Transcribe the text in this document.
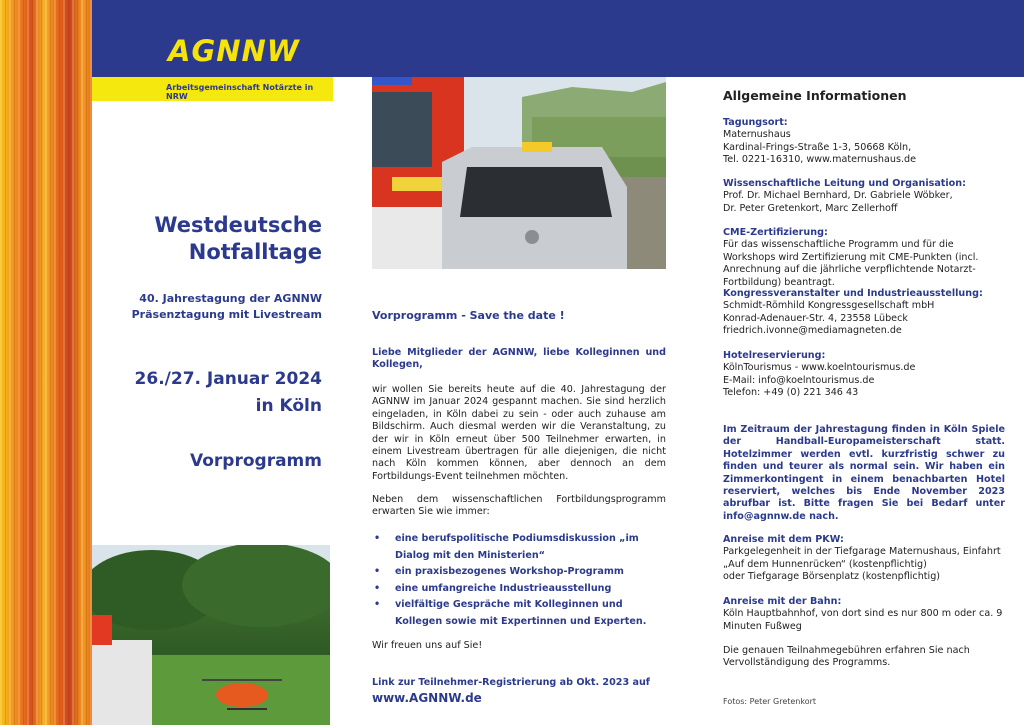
AGNNW
Arbeitsgemeinschaft Notärzte in NRW
Westdeutsche
Notfalltage
40. Jahrestagung der AGNNW
Präsenztagung mit Livestream
26./27. Januar 2024
in Köln
Vorprogramm
Vorprogramm - Save the date !
Liebe Mitglieder der AGNNW, liebe Kolleginnen und Kollegen,
wir wollen Sie bereits heute auf die 40. Jahrestagung der AGNNW im Januar 2024 gespannt machen. Sie sind herzlich eingeladen, in Köln dabei zu sein - oder auch zuhause am Bildschirm. Auch diesmal werden wir die Veranstaltung, zu der wir in Köln erneut über 500 Teilnehmer erwarten, in einem Livestream übertragen für alle diejenigen, die nicht nach Köln kommen können, aber dennoch an dem Fortbildungs-Event teilnehmen möchten.
Neben dem wissenschaftlichen Fortbildungsprogramm erwarten Sie wie immer:
• eine berufspolitische Podiumsdiskussion „im Dialog mit den Ministerien“
• ein praxisbezogenes Workshop-Programm
• eine umfangreiche Industrieausstellung
• vielfältige Gespräche mit Kolleginnen und Kollegen sowie mit Expertinnen und Experten.
Wir freuen uns auf Sie!
Link zur Teilnehmer-Registrierung ab Okt. 2023 auf
www.AGNNW.de
Allgemeine Informationen
Tagungsort:
Maternushaus
Kardinal-Frings-Straße 1-3, 50668 Köln,
Tel. 0221-16310, www.maternushaus.de
Wissenschaftliche Leitung und Organisation:
Prof. Dr. Michael Bernhard, Dr. Gabriele Wöbker,
Dr. Peter Gretenkort, Marc Zellerhoff
CME-Zertifizierung:
Für das wissenschaftliche Programm und für die Workshops wird Zertifizierung mit CME-Punkten (incl. Anrechnung auf die jährliche verpflichtende Notarzt-Fortbildung) beantragt.
Kongressveranstalter und Industrieausstellung:
Schmidt-Römhild Kongressgesellschaft mbH
Konrad-Adenauer-Str. 4, 23558 Lübeck
friedrich.ivonne@mediamagneten.de
Hotelreservierung:
KölnTourismus - www.koelntourismus.de
E-Mail: info@koelntourismus.de
Telefon: +49 (0) 221 346 43
Im Zeitraum der Jahrestagung finden in Köln Spiele der Handball-Europameisterschaft statt. Hotelzimmer werden evtl. kurzfristig schwer zu finden und teurer als normal sein. Wir haben ein Zimmerkontingent in einem benachbarten Hotel reserviert, welches bis Ende November 2023 abrufbar ist. Bitte fragen Sie bei Bedarf unter info@agnnw.de nach.
Anreise mit dem PKW:
Parkgelegenheit in der Tiefgarage Maternushaus, Einfahrt
„Auf dem Hunnenrücken“ (kostenpflichtig)
oder Tiefgarage Börsenplatz (kostenpflichtig)
Anreise mit der Bahn:
Köln Hauptbahnhof, von dort sind es nur 800 m oder ca. 9 Minuten Fußweg
Die genauen Teilnahmegebühren erfahren Sie nach Vervollständigung des Programms.
Fotos: Peter Gretenkort
